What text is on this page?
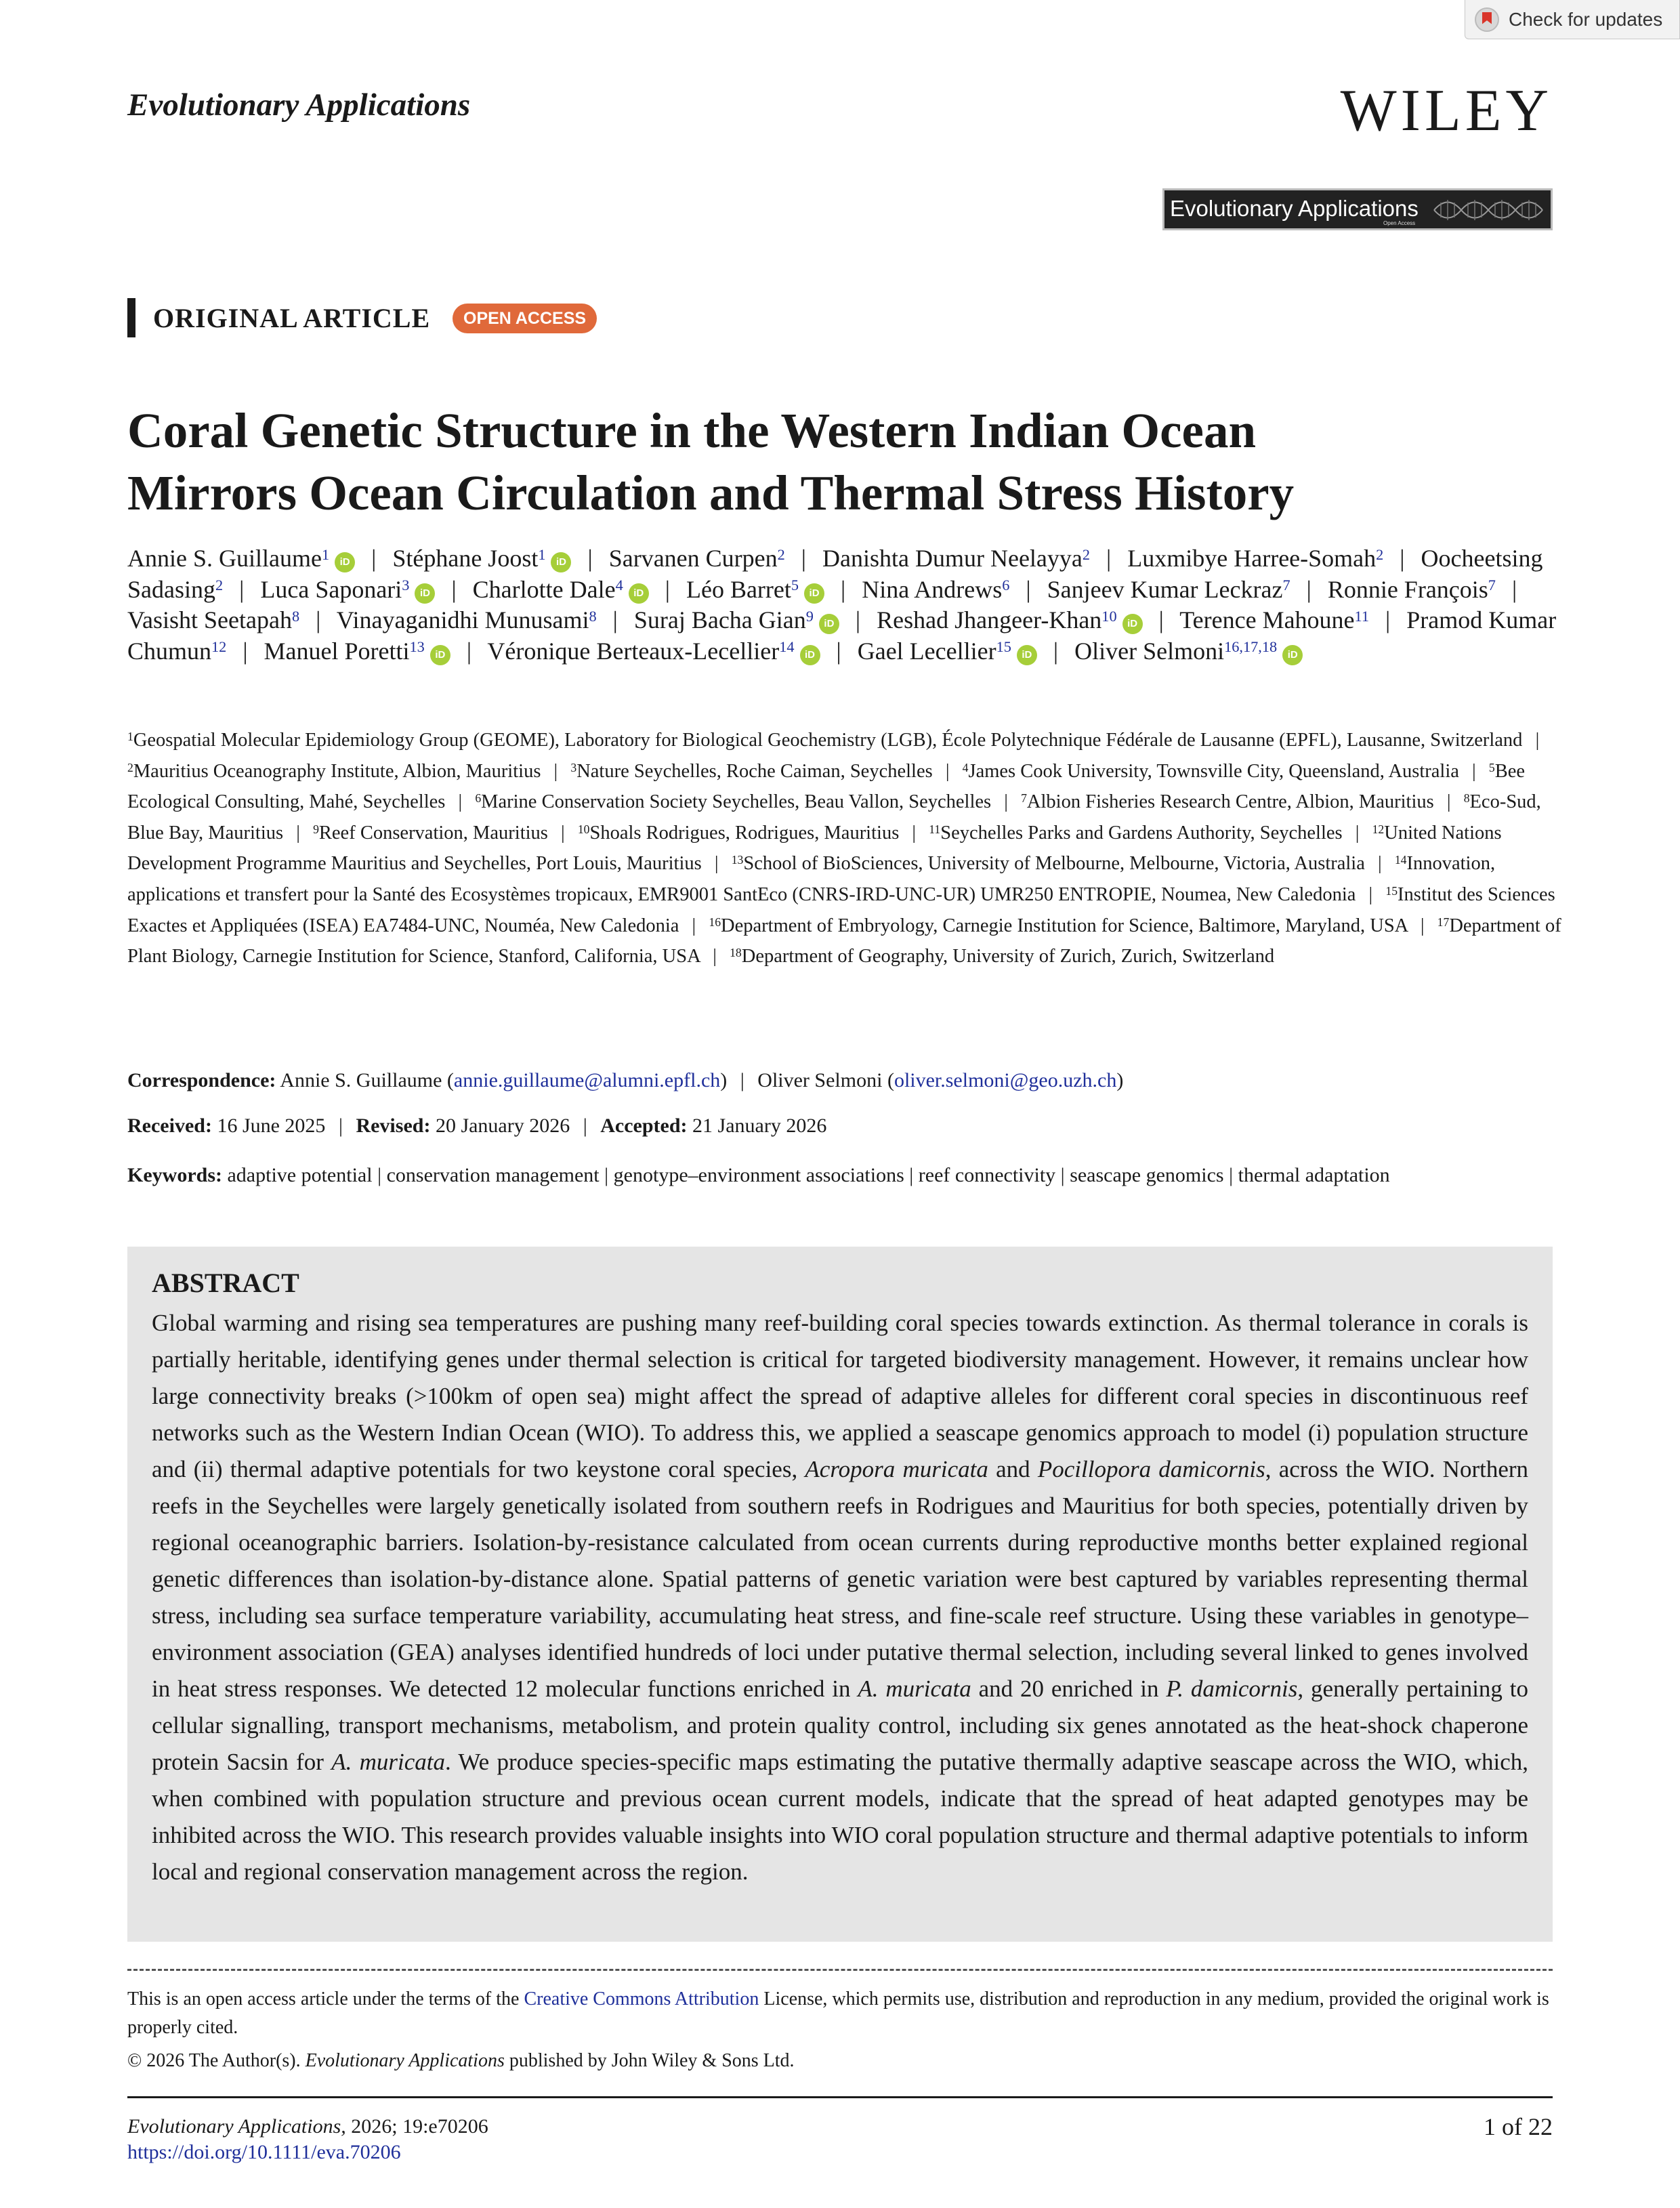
Check for updates
Evolutionary Applications	WILEY
Evolutionary Applications
Open Access
ORIGINAL ARTICLE	OPEN ACCESS
Coral Genetic Structure in the Western Indian Ocean
Mirrors Ocean Circulation and Thermal Stress History
Annie S. Guillaume$^1$ iD | Stéphane Joost$^1$ iD | Sarvanen Curpen$^2$ | Danishta Dumur Neelayya$^2$ | Luxmibye Harree-Somah$^2$ | Oocheetsing Sadasing$^2$ | Luca Saponari$^3$ iD | Charlotte Dale$^4$ iD | Léo Barret$^5$ iD | Nina Andrews$^6$ | Sanjeev Kumar Leckraz$^7$ | Ronnie François$^7$ | Vasisht Seetapah$^8$ | Vinayaganidhi Munusami$^8$ | Suraj Bacha Gian$^9$ iD | Reshad Jhangeer-Khan$^{10}$ iD | Terence Mahoune$^{11}$ | Pramod Kumar Chumun$^{12}$ | Manuel Poretti$^{13}$ iD | Véronique Berteaux-Lecellier$^{14}$ iD | Gael Lecellier$^{15}$ iD | Oliver Selmoni$^{16,17,18}$ iD
$^1$Geospatial Molecular Epidemiology Group (GEOME), Laboratory for Biological Geochemistry (LGB), École Polytechnique Fédérale de Lausanne (EPFL), Lausanne, Switzerland | $^2$Mauritius Oceanography Institute, Albion, Mauritius | $^3$Nature Seychelles, Roche Caiman, Seychelles | $^4$James Cook University, Townsville City, Queensland, Australia | $^5$Bee Ecological Consulting, Mahé, Seychelles | $^6$Marine Conservation Society Seychelles, Beau Vallon, Seychelles | $^7$Albion Fisheries Research Centre, Albion, Mauritius | $^8$Eco-Sud, Blue Bay, Mauritius | $^9$Reef Conservation, Mauritius | $^{10}$Shoals Rodrigues, Rodrigues, Mauritius | $^{11}$Seychelles Parks and Gardens Authority, Seychelles | $^{12}$United Nations Development Programme Mauritius and Seychelles, Port Louis, Mauritius | $^{13}$School of BioSciences, University of Melbourne, Melbourne, Victoria, Australia | $^{14}$Innovation, applications et transfert pour la Santé des Ecosystèmes tropicaux, EMR9001 SantEco (CNRS-IRD-UNC-UR) UMR250 ENTROPIE, Noumea, New Caledonia | $^{15}$Institut des Sciences Exactes et Appliquées (ISEA) EA7484-UNC, Nouméa, New Caledonia | $^{16}$Department of Embryology, Carnegie Institution for Science, Baltimore, Maryland, USA | $^{17}$Department of Plant Biology, Carnegie Institution for Science, Stanford, California, USA | $^{18}$Department of Geography, University of Zurich, Zurich, Switzerland
Correspondence: Annie S. Guillaume (annie.guillaume@alumni.epfl.ch) | Oliver Selmoni (oliver.selmoni@geo.uzh.ch)
Received: 16 June 2025 | Revised: 20 January 2026 | Accepted: 21 January 2026
Keywords: adaptive potential | conservation management | genotype–environment associations | reef connectivity | seascape genomics | thermal adaptation
ABSTRACT
Global warming and rising sea temperatures are pushing many reef-building coral species towards extinction. As thermal tolerance in corals is partially heritable, identifying genes under thermal selection is critical for targeted biodiversity management. However, it remains unclear how large connectivity breaks (>100km of open sea) might affect the spread of adaptive alleles for different coral species in discontinuous reef networks such as the Western Indian Ocean (WIO). To address this, we applied a seascape genomics approach to model (i) population structure and (ii) thermal adaptive potentials for two keystone coral species, Acropora muricata and Pocillopora damicornis, across the WIO. Northern reefs in the Seychelles were largely genetically isolated from southern reefs in Rodrigues and Mauritius for both species, potentially driven by regional oceanographic barriers. Isolation-by-resistance calculated from ocean currents during reproductive months better explained regional genetic differences than isolation-by-distance alone. Spatial patterns of genetic variation were best captured by variables representing thermal stress, including sea surface temperature variability, accumulating heat stress, and fine-scale reef structure. Using these variables in genotype–environment association (GEA) analyses identified hundreds of loci under putative thermal selection, including several linked to genes involved in heat stress responses. We detected 12 molecular functions enriched in A. muricata and 20 enriched in P. damicornis, generally pertaining to cellular signalling, transport mechanisms, metabolism, and protein quality control, including six genes annotated as the heat-shock chaperone protein Sacsin for A. muricata. We produce species-specific maps estimating the putative thermally adaptive seascape across the WIO, which, when combined with population structure and previous ocean current models, indicate that the spread of heat adapted genotypes may be inhibited across the WIO. This research provides valuable insights into WIO coral population structure and thermal adaptive potentials to inform local and regional conservation management across the region.
This is an open access article under the terms of the Creative Commons Attribution License, which permits use, distribution and reproduction in any medium, provided the original work is properly cited.
© 2026 The Author(s). Evolutionary Applications published by John Wiley & Sons Ltd.
Evolutionary Applications, 2026; 19:e70206
https://doi.org/10.1111/eva.70206
1 of 22
